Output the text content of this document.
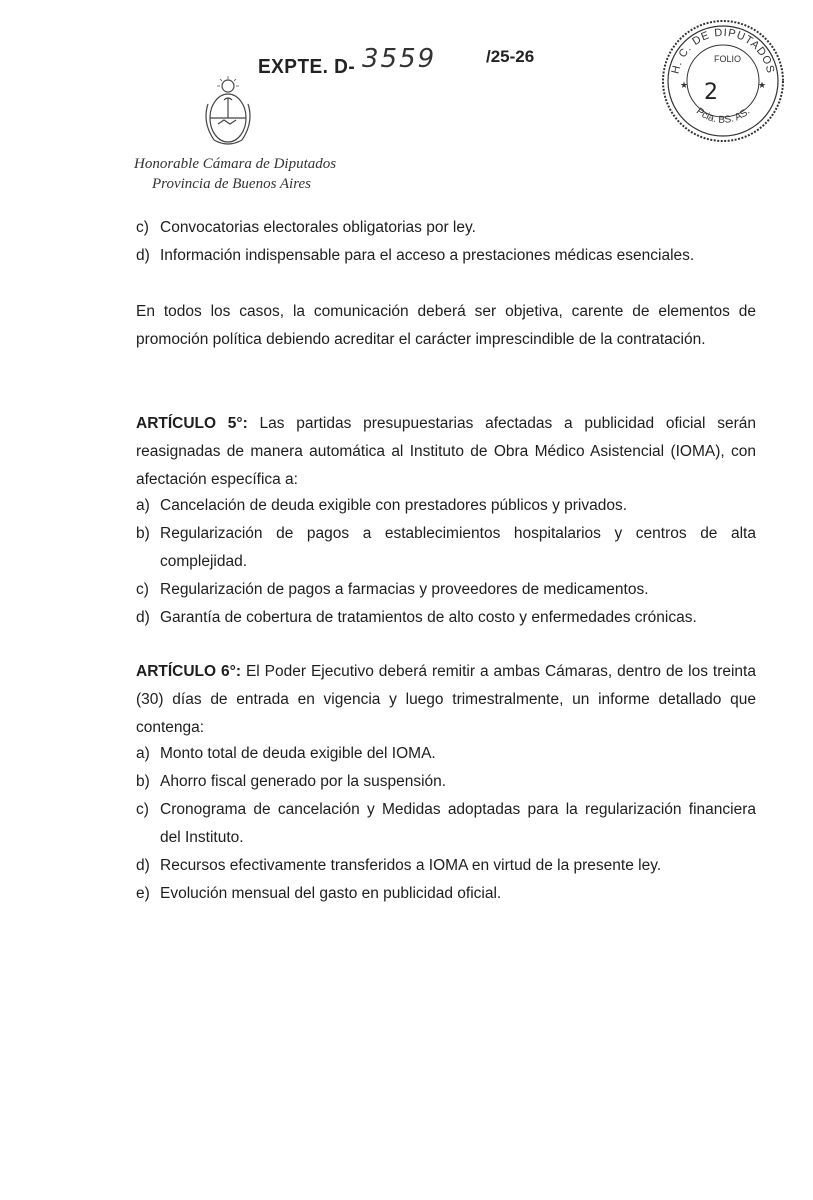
EXPTE. D- 3559	/25-26
Honorable Cámara de Diputados
Provincia de Buenos Aires
H. C. DE DIPUTADOS
Pcia. BS. AS.
★	★
FOLIO
2
c) Convocatorias electorales obligatorias por ley.
d) Información indispensable para el acceso a prestaciones médicas esenciales.
En todos los casos, la comunicación deberá ser objetiva, carente de elementos de
promoción política debiendo acreditar el carácter imprescindible de la contratación.
ARTÍCULO 5°: Las partidas presupuestarias afectadas a publicidad oficial serán
reasignadas de manera automática al Instituto de Obra Médico Asistencial (IOMA), con
afectación específica a:
a) Cancelación de deuda exigible con prestadores públicos y privados.
b) Regularización de pagos a establecimientos hospitalarios y centros de alta
complejidad.
c) Regularización de pagos a farmacias y proveedores de medicamentos.
d) Garantía de cobertura de tratamientos de alto costo y enfermedades crónicas.
ARTÍCULO 6°: El Poder Ejecutivo deberá remitir a ambas Cámaras, dentro de los treinta
(30) días de entrada en vigencia y luego trimestralmente, un informe detallado que
contenga:
a) Monto total de deuda exigible del IOMA.
b) Ahorro fiscal generado por la suspensión.
c) Cronograma de cancelación y Medidas adoptadas para la regularización financiera
del Instituto.
d) Recursos efectivamente transferidos a IOMA en virtud de la presente ley.
e) Evolución mensual del gasto en publicidad oficial.
